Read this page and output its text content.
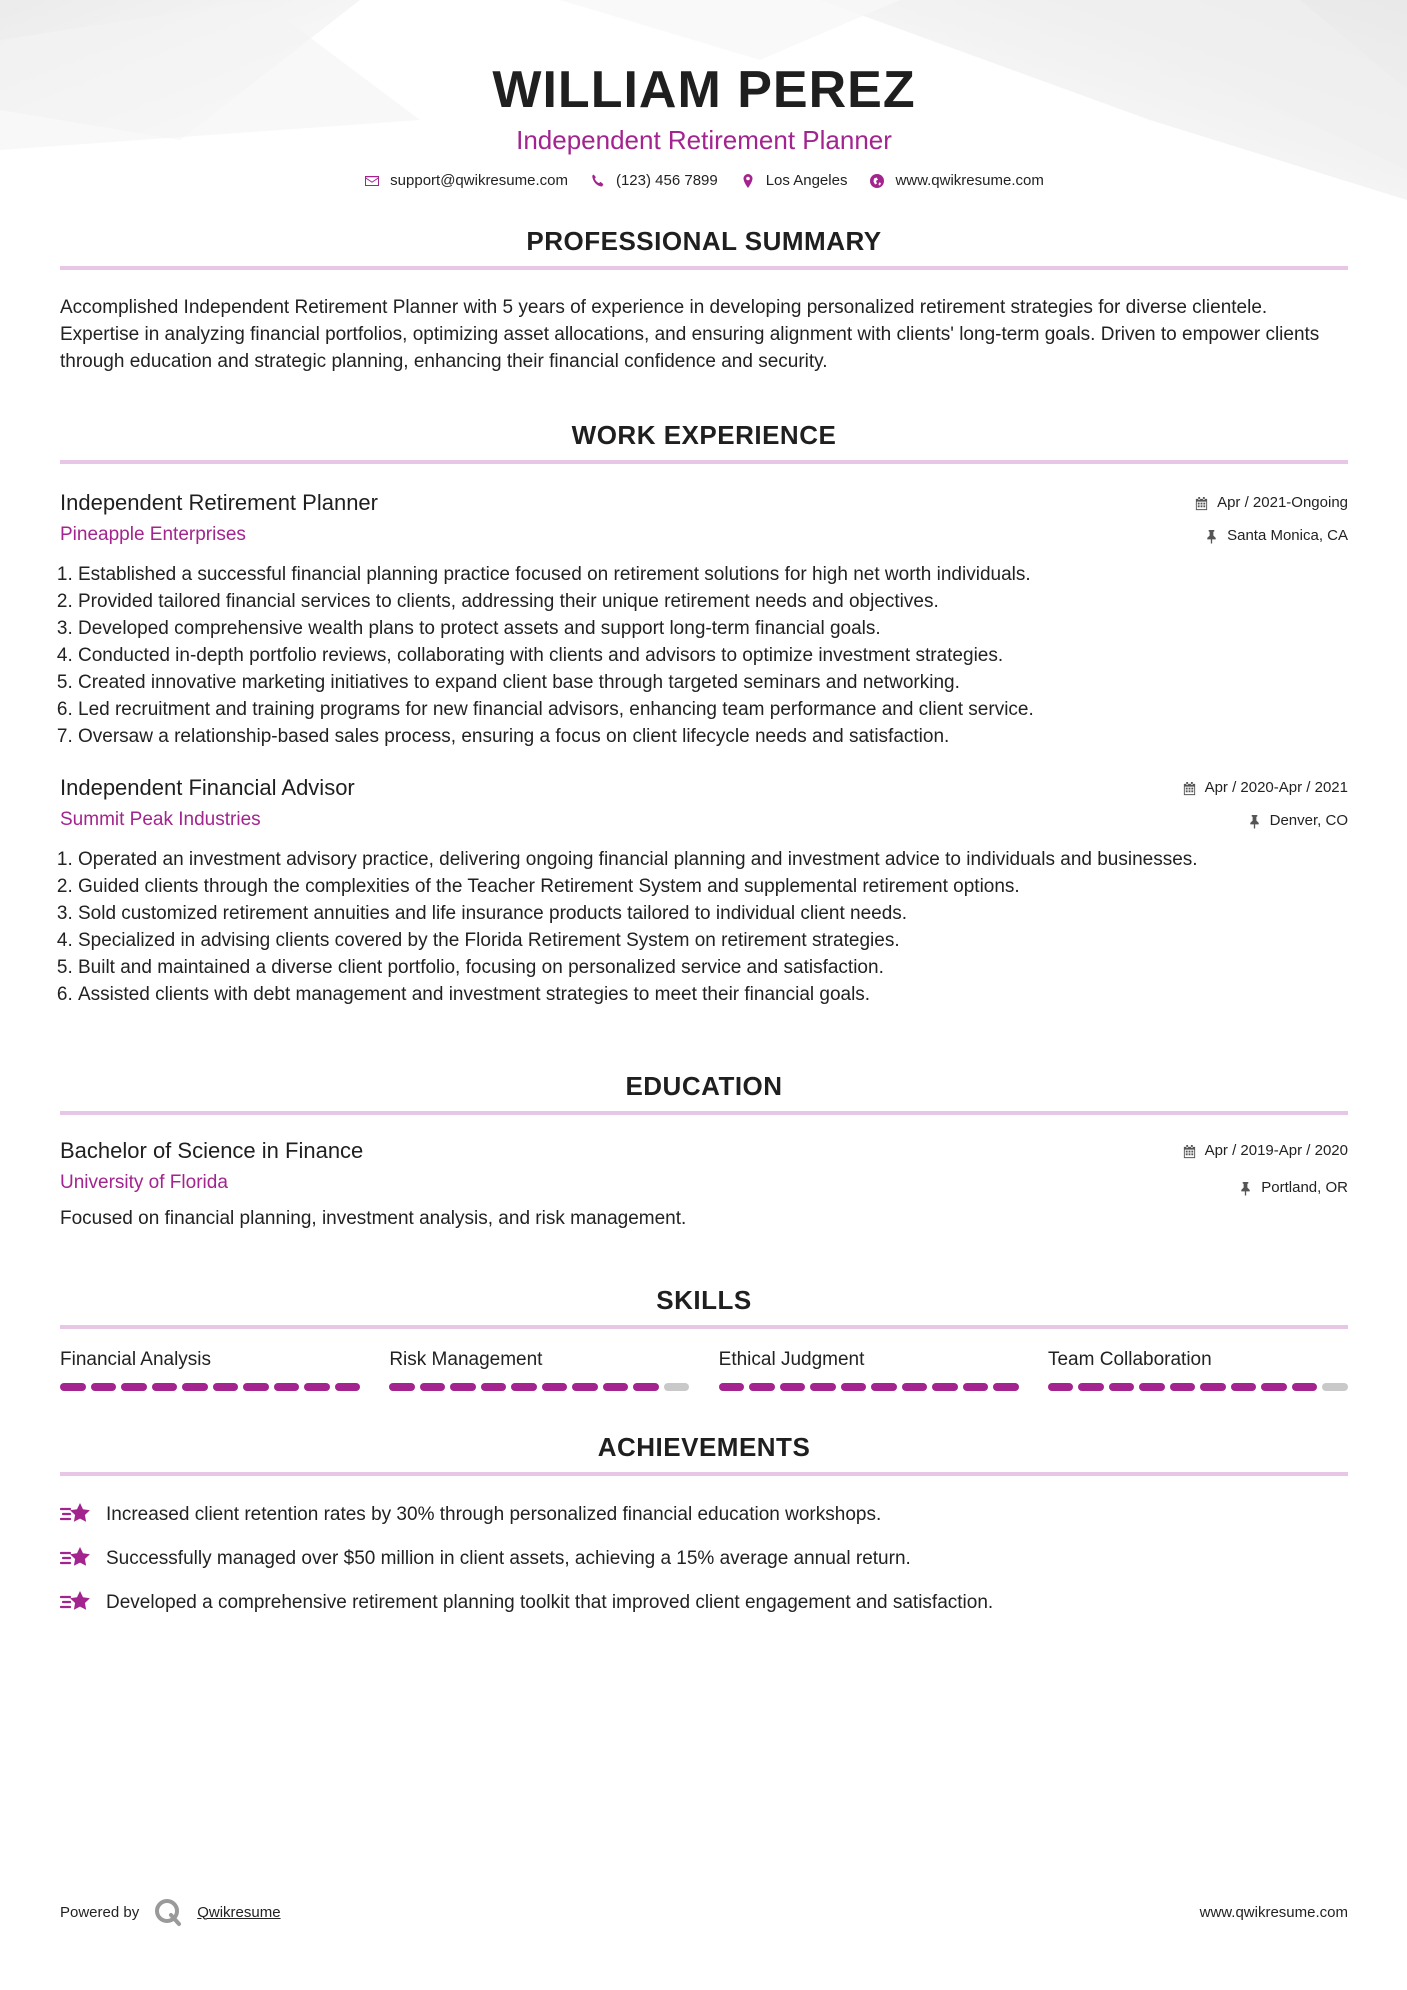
WILLIAM PEREZ
Independent Retirement Planner
support@qwikresume.com	(123) 456 7899	Los Angeles	www.qwikresume.com
PROFESSIONAL SUMMARY

Accomplished Independent Retirement Planner with 5 years of experience in developing personalized retirement strategies for diverse clientele. Expertise in analyzing financial portfolios, optimizing asset allocations, and ensuring alignment with clients' long-term goals. Driven to empower clients through education and strategic planning, enhancing their financial confidence and security.

WORK EXPERIENCE
Independent Retirement Planner
Pineapple Enterprises
Apr / 2021-Ongoing
Santa Monica, CA
1. Established a successful financial planning practice focused on retirement solutions for high net worth individuals.
2. Provided tailored financial services to clients, addressing their unique retirement needs and objectives.
3. Developed comprehensive wealth plans to protect assets and support long-term financial goals.
4. Conducted in-depth portfolio reviews, collaborating with clients and advisors to optimize investment strategies.
5. Created innovative marketing initiatives to expand client base through targeted seminars and networking.
6. Led recruitment and training programs for new financial advisors, enhancing team performance and client service.
7. Oversaw a relationship-based sales process, ensuring a focus on client lifecycle needs and satisfaction.
Independent Financial Advisor
Summit Peak Industries
Apr / 2020-Apr / 2021
Denver, CO
1. Operated an investment advisory practice, delivering ongoing financial planning and investment advice to individuals and businesses.
2. Guided clients through the complexities of the Teacher Retirement System and supplemental retirement options.
3. Sold customized retirement annuities and life insurance products tailored to individual client needs.
4. Specialized in advising clients covered by the Florida Retirement System on retirement strategies.
5. Built and maintained a diverse client portfolio, focusing on personalized service and satisfaction.
6. Assisted clients with debt management and investment strategies to meet their financial goals.
EDUCATION
Bachelor of Science in Finance
University of Florida
Apr / 2019-Apr / 2020
Portland, OR
Focused on financial planning, investment analysis, and risk management.
SKILLS
Financial Analysis	Risk Management	Ethical Judgment	Team Collaboration
ACHIEVEMENTS
Increased client retention rates by 30% through personalized financial education workshops.
Successfully managed over $50 million in client assets, achieving a 15% average annual return.
Developed a comprehensive retirement planning toolkit that improved client engagement and satisfaction.
Powered by	Qwikresume	www.qwikresume.com
